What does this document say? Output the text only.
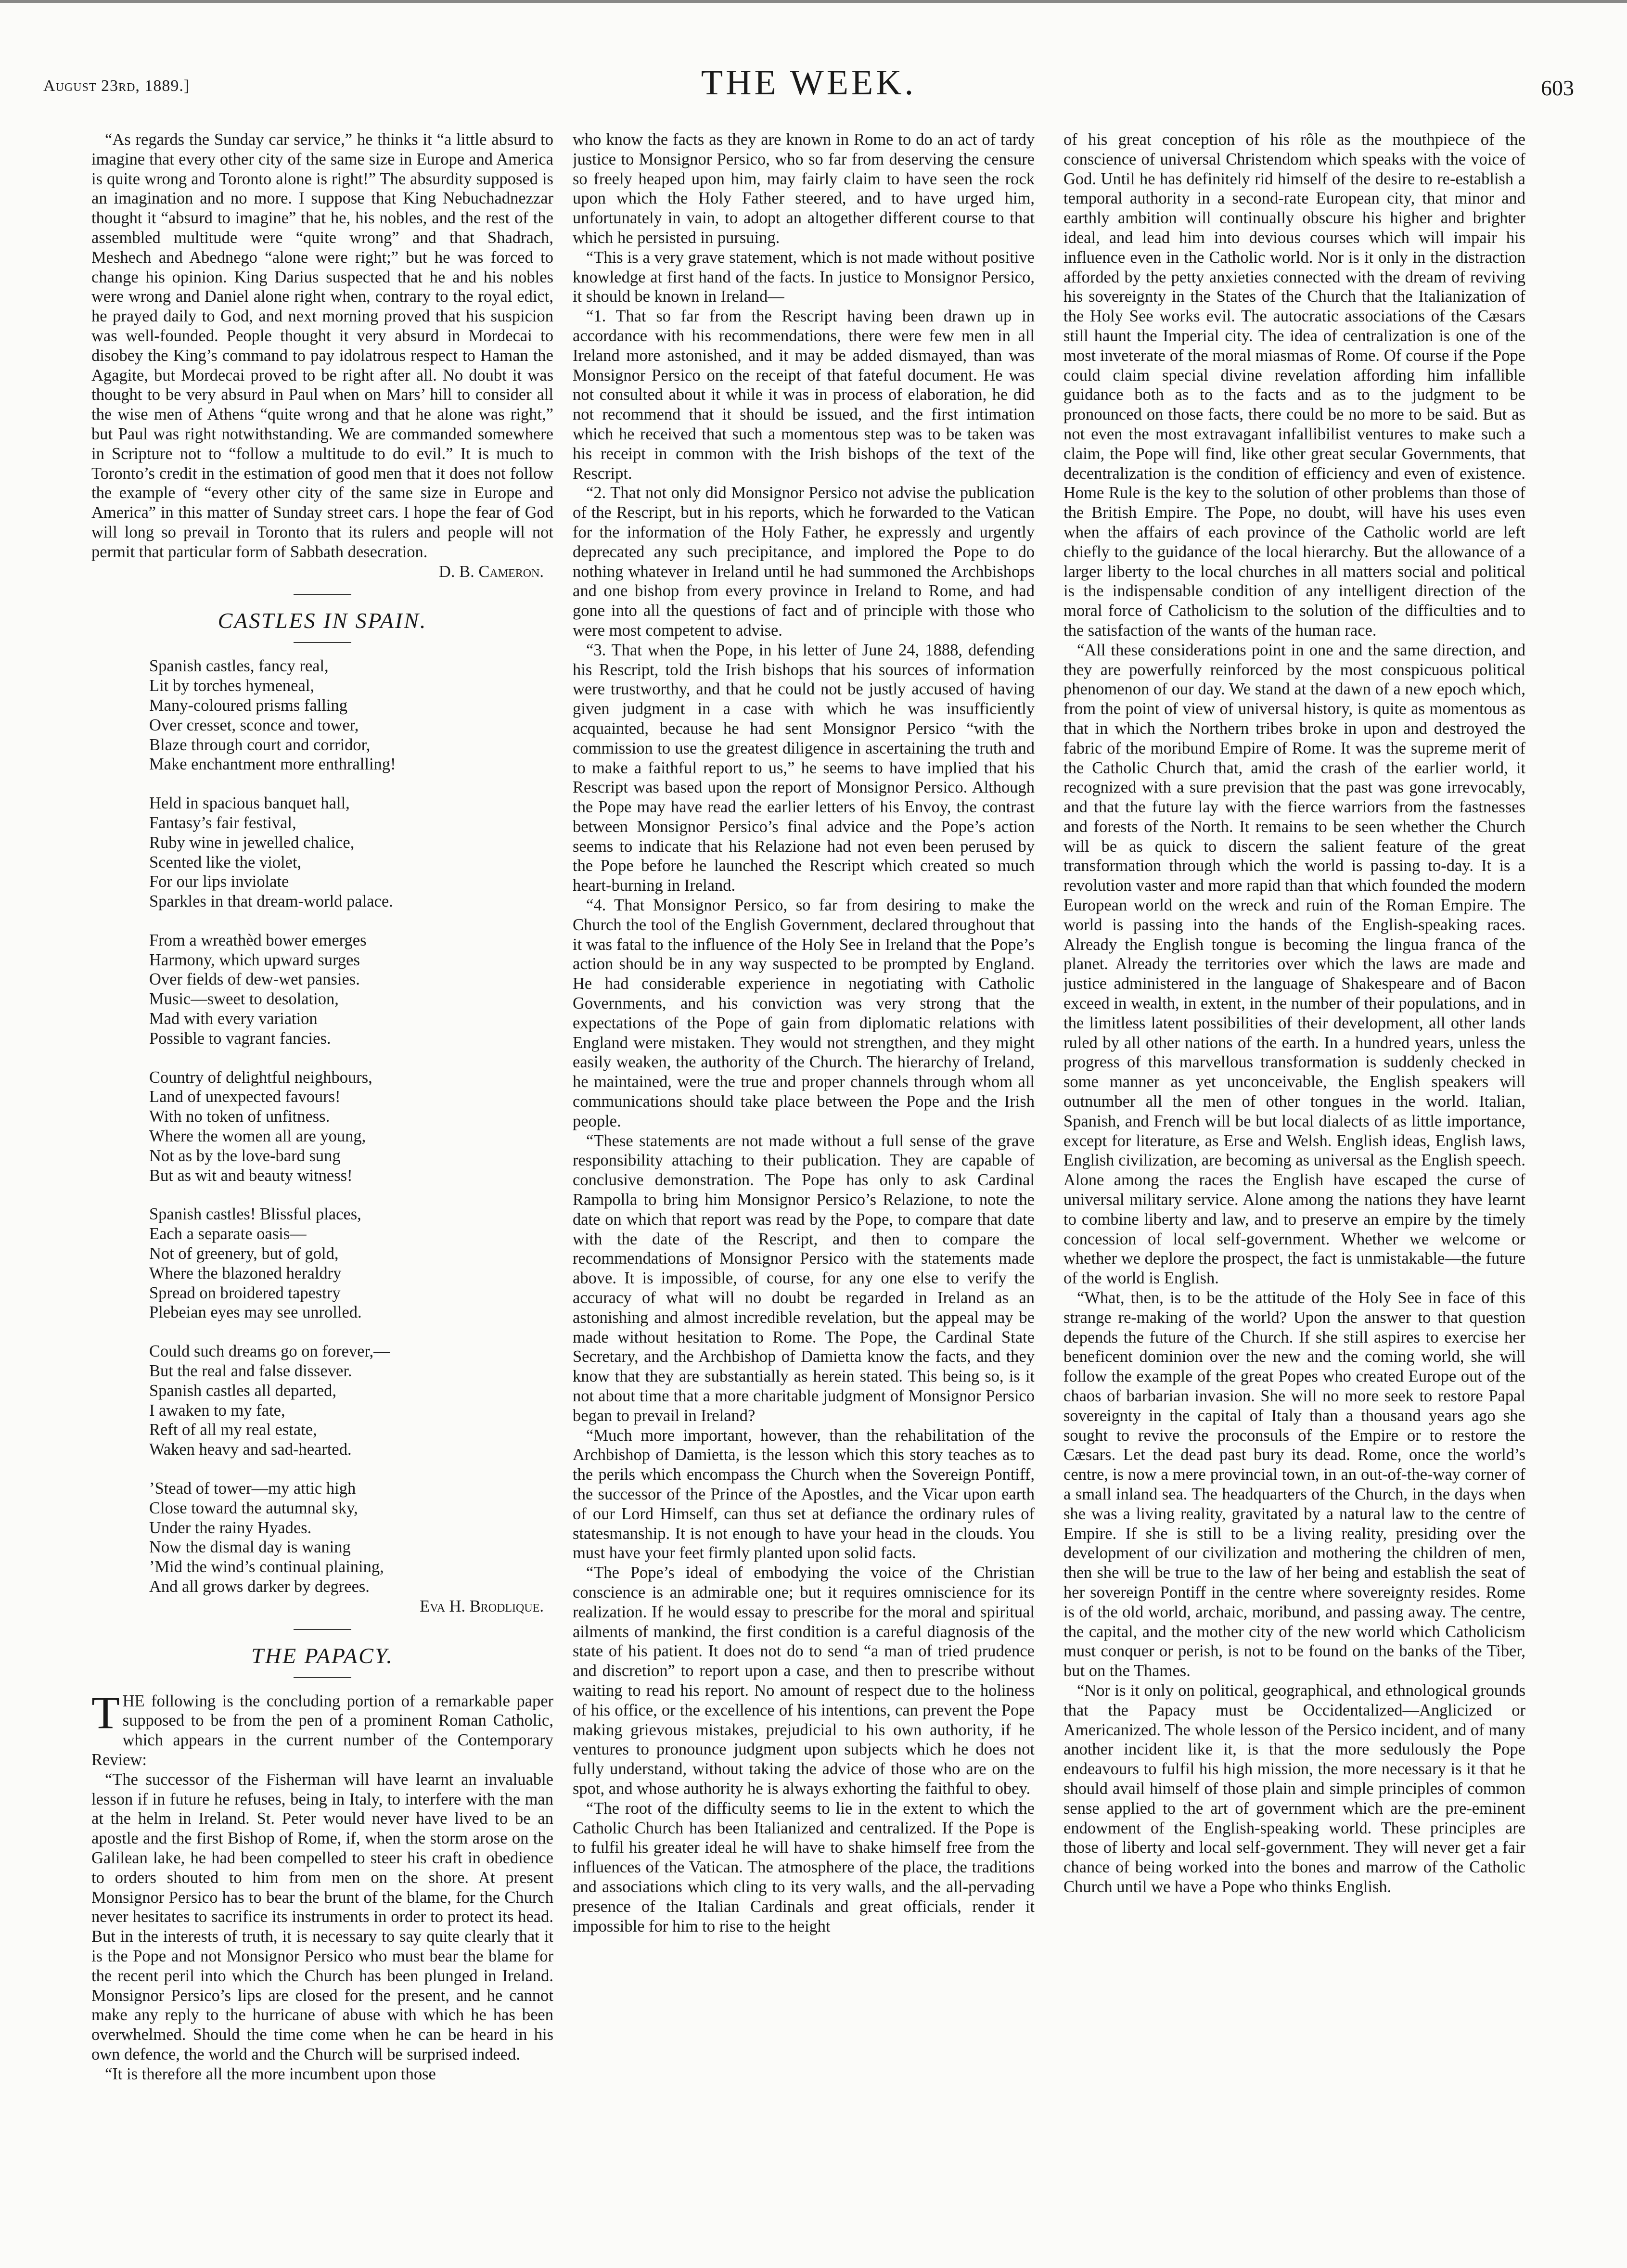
August 23rd, 1889.]	THE WEEK.	603

“As regards the Sunday car service,” he thinks it “a little absurd to imagine that every other city of the same size in Europe and America is quite wrong and Toronto alone is right!” The absurdity supposed is an imagination and no more. I suppose that King Nebuchadnezzar thought it “absurd to imagine” that he, his nobles, and the rest of the assembled multitude were “quite wrong” and that Shadrach, Meshech and Abednego “alone were right;” but he was forced to change his opinion. King Darius suspected that he and his nobles were wrong and Daniel alone right when, contrary to the royal edict, he prayed daily to God, and next morning proved that his suspicion was well-founded. People thought it very absurd in Mordecai to disobey the King’s command to pay idolatrous respect to Haman the Agagite, but Mordecai proved to be right after all. No doubt it was thought to be very absurd in Paul when on Mars’ hill to consider all the wise men of Athens “quite wrong and that he alone was right,” but Paul was right notwithstanding. We are commanded somewhere in Scripture not to “follow a multitude to do evil.” It is much to Toronto’s credit in the estimation of good men that it does not follow the example of “every other city of the same size in Europe and America” in this matter of Sunday street cars. I hope the fear of God will long so prevail in Toronto that its rulers and people will not permit that particular form of Sabbath desecration.

D. B. Cameron.

CASTLES IN SPAIN.
Spanish castles, fancy real,
Lit by torches hymeneal,
Many-coloured prisms falling
Over cresset, sconce and tower,
Blaze through court and corridor,
Make enchantment more enthralling!
Held in spacious banquet hall,
Fantasy’s fair festival,
Ruby wine in jewelled chalice,
Scented like the violet,
For our lips inviolate
Sparkles in that dream-world palace.
From a wreathèd bower emerges
Harmony, which upward surges
Over fields of dew-wet pansies.
Music—sweet to desolation,
Mad with every variation
Possible to vagrant fancies.
Country of delightful neighbours,
Land of unexpected favours!
With no token of unfitness.
Where the women all are young,
Not as by the love-bard sung
But as wit and beauty witness!
Spanish castles! Blissful places,
Each a separate oasis—
Not of greenery, but of gold,
Where the blazoned heraldry
Spread on broidered tapestry
Plebeian eyes may see unrolled.
Could such dreams go on forever,—
But the real and false dissever.
Spanish castles all departed,
I awaken to my fate,
Reft of all my real estate,
Waken heavy and sad-hearted.
’Stead of tower—my attic high
Close toward the autumnal sky,
Under the rainy Hyades.
Now the dismal day is waning
’Mid the wind’s continual plaining,
And all grows darker by degrees.
Eva H. Brodlique.
THE PAPACY.

THE following is the concluding portion of a remarkable paper supposed to be from the pen of a prominent Roman Catholic, which appears in the current number of the Contemporary Review:

“The successor of the Fisherman will have learnt an invaluable lesson if in future he refuses, being in Italy, to interfere with the man at the helm in Ireland. St. Peter would never have lived to be an apostle and the first Bishop of Rome, if, when the storm arose on the Galilean lake, he had been compelled to steer his craft in obedience to orders shouted to him from men on the shore. At present Monsignor Persico has to bear the brunt of the blame, for the Church never hesitates to sacrifice its instruments in order to protect its head. But in the interests of truth, it is necessary to say quite clearly that it is the Pope and not Monsignor Persico who must bear the blame for the recent peril into which the Church has been plunged in Ireland. Monsignor Persico’s lips are closed for the present, and he cannot make any reply to the hurricane of abuse with which he has been overwhelmed. Should the time come when he can be heard in his own defence, the world and the Church will be surprised indeed.

“It is therefore all the more incumbent upon those

who know the facts as they are known in Rome to do an act of tardy justice to Monsignor Persico, who so far from deserving the censure so freely heaped upon him, may fairly claim to have seen the rock upon which the Holy Father steered, and to have urged him, unfortunately in vain, to adopt an altogether different course to that which he persisted in pursuing.

“This is a very grave statement, which is not made without positive knowledge at first hand of the facts. In justice to Monsignor Persico, it should be known in Ireland—

“1. That so far from the Rescript having been drawn up in accordance with his recommendations, there were few men in all Ireland more astonished, and it may be added dismayed, than was Monsignor Persico on the receipt of that fateful document. He was not consulted about it while it was in process of elaboration, he did not recommend that it should be issued, and the first intimation which he received that such a momentous step was to be taken was his receipt in common with the Irish bishops of the text of the Rescript.

“2. That not only did Monsignor Persico not advise the publication of the Rescript, but in his reports, which he forwarded to the Vatican for the information of the Holy Father, he expressly and urgently deprecated any such precipitance, and implored the Pope to do nothing whatever in Ireland until he had summoned the Archbishops and one bishop from every province in Ireland to Rome, and had gone into all the questions of fact and of principle with those who were most competent to advise.

“3. That when the Pope, in his letter of June 24, 1888, defending his Rescript, told the Irish bishops that his sources of information were trustworthy, and that he could not be justly accused of having given judgment in a case with which he was insufficiently acquainted, because he had sent Monsignor Persico “with the commission to use the greatest diligence in ascertaining the truth and to make a faithful report to us,” he seems to have implied that his Rescript was based upon the report of Monsignor Persico. Although the Pope may have read the earlier letters of his Envoy, the contrast between Monsignor Persico’s final advice and the Pope’s action seems to indicate that his Relazione had not even been perused by the Pope before he launched the Rescript which created so much heart-burning in Ireland.

“4. That Monsignor Persico, so far from desiring to make the Church the tool of the English Government, declared throughout that it was fatal to the influence of the Holy See in Ireland that the Pope’s action should be in any way suspected to be prompted by England. He had considerable experience in negotiating with Catholic Governments, and his conviction was very strong that the expectations of the Pope of gain from diplomatic relations with England were mistaken. They would not strengthen, and they might easily weaken, the authority of the Church. The hierarchy of Ireland, he maintained, were the true and proper channels through whom all communications should take place between the Pope and the Irish people.

“These statements are not made without a full sense of the grave responsibility attaching to their publication. They are capable of conclusive demonstration. The Pope has only to ask Cardinal Rampolla to bring him Monsignor Persico’s Relazione, to note the date on which that report was read by the Pope, to compare that date with the date of the Rescript, and then to compare the recommendations of Monsignor Persico with the statements made above. It is impossible, of course, for any one else to verify the accuracy of what will no doubt be regarded in Ireland as an astonishing and almost incredible revelation, but the appeal may be made without hesitation to Rome. The Pope, the Cardinal State Secretary, and the Archbishop of Damietta know the facts, and they know that they are substantially as herein stated. This being so, is it not about time that a more charitable judgment of Monsignor Persico began to prevail in Ireland?

“Much more important, however, than the rehabilitation of the Archbishop of Damietta, is the lesson which this story teaches as to the perils which encompass the Church when the Sovereign Pontiff, the successor of the Prince of the Apostles, and the Vicar upon earth of our Lord Himself, can thus set at defiance the ordinary rules of statesmanship. It is not enough to have your head in the clouds. You must have your feet firmly planted upon solid facts.

“The Pope’s ideal of embodying the voice of the Christian conscience is an admirable one; but it requires omniscience for its realization. If he would essay to prescribe for the moral and spiritual ailments of mankind, the first condition is a careful diagnosis of the state of his patient. It does not do to send “a man of tried prudence and discretion” to report upon a case, and then to prescribe without waiting to read his report. No amount of respect due to the holiness of his office, or the excellence of his intentions, can prevent the Pope making grievous mistakes, prejudicial to his own authority, if he ventures to pronounce judgment upon subjects which he does not fully understand, without taking the advice of those who are on the spot, and whose authority he is always exhorting the faithful to obey.

“The root of the difficulty seems to lie in the extent to which the Catholic Church has been Italianized and centralized. If the Pope is to fulfil his greater ideal he will have to shake himself free from the influences of the Vatican. The atmosphere of the place, the traditions and associations which cling to its very walls, and the all-pervading presence of the Italian Cardinals and great officials, render it impossible for him to rise to the height

of his great conception of his rôle as the mouthpiece of the conscience of universal Christendom which speaks with the voice of God. Until he has definitely rid himself of the desire to re-establish a temporal authority in a second-rate European city, that minor and earthly ambition will continually obscure his higher and brighter ideal, and lead him into devious courses which will impair his influence even in the Catholic world. Nor is it only in the distraction afforded by the petty anxieties connected with the dream of reviving his sovereignty in the States of the Church that the Italianization of the Holy See works evil. The autocratic associations of the Cæsars still haunt the Imperial city. The idea of centralization is one of the most inveterate of the moral miasmas of Rome. Of course if the Pope could claim special divine revelation affording him infallible guidance both as to the facts and as to the judgment to be pronounced on those facts, there could be no more to be said. But as not even the most extravagant infallibilist ventures to make such a claim, the Pope will find, like other great secular Governments, that decentralization is the condition of efficiency and even of existence. Home Rule is the key to the solution of other problems than those of the British Empire. The Pope, no doubt, will have his uses even when the affairs of each province of the Catholic world are left chiefly to the guidance of the local hierarchy. But the allowance of a larger liberty to the local churches in all matters social and political is the indispensable condition of any intelligent direction of the moral force of Catholicism to the solution of the difficulties and to the satisfaction of the wants of the human race.

“All these considerations point in one and the same direction, and they are powerfully reinforced by the most conspicuous political phenomenon of our day. We stand at the dawn of a new epoch which, from the point of view of universal history, is quite as momentous as that in which the Northern tribes broke in upon and destroyed the fabric of the moribund Empire of Rome. It was the supreme merit of the Catholic Church that, amid the crash of the earlier world, it recognized with a sure prevision that the past was gone irrevocably, and that the future lay with the fierce warriors from the fastnesses and forests of the North. It remains to be seen whether the Church will be as quick to discern the salient feature of the great transformation through which the world is passing to-day. It is a revolution vaster and more rapid than that which founded the modern European world on the wreck and ruin of the Roman Empire. The world is passing into the hands of the English-speaking races. Already the English tongue is becoming the lingua franca of the planet. Already the territories over which the laws are made and justice administered in the language of Shakespeare and of Bacon exceed in wealth, in extent, in the number of their populations, and in the limitless latent possibilities of their development, all other lands ruled by all other nations of the earth. In a hundred years, unless the progress of this marvellous transformation is suddenly checked in some manner as yet unconceivable, the English speakers will outnumber all the men of other tongues in the world. Italian, Spanish, and French will be but local dialects of as little importance, except for literature, as Erse and Welsh. English ideas, English laws, English civilization, are becoming as universal as the English speech. Alone among the races the English have escaped the curse of universal military service. Alone among the nations they have learnt to combine liberty and law, and to preserve an empire by the timely concession of local self-government. Whether we welcome or whether we deplore the prospect, the fact is unmistakable—the future of the world is English.

“What, then, is to be the attitude of the Holy See in face of this strange re-making of the world? Upon the answer to that question depends the future of the Church. If she still aspires to exercise her beneficent dominion over the new and the coming world, she will follow the example of the great Popes who created Europe out of the chaos of barbarian invasion. She will no more seek to restore Papal sovereignty in the capital of Italy than a thousand years ago she sought to revive the proconsuls of the Empire or to restore the Cæsars. Let the dead past bury its dead. Rome, once the world’s centre, is now a mere provincial town, in an out-of-the-way corner of a small inland sea. The headquarters of the Church, in the days when she was a living reality, gravitated by a natural law to the centre of Empire. If she is still to be a living reality, presiding over the development of our civilization and mothering the children of men, then she will be true to the law of her being and establish the seat of her sovereign Pontiff in the centre where sovereignty resides. Rome is of the old world, archaic, moribund, and passing away. The centre, the capital, and the mother city of the new world which Catholicism must conquer or perish, is not to be found on the banks of the Tiber, but on the Thames.

“Nor is it only on political, geographical, and ethnological grounds that the Papacy must be Occidentalized—Anglicized or Americanized. The whole lesson of the Persico incident, and of many another incident like it, is that the more sedulously the Pope endeavours to fulfil his high mission, the more necessary is it that he should avail himself of those plain and simple principles of common sense applied to the art of government which are the pre-eminent endowment of the English-speaking world. These principles are those of liberty and local self-government. They will never get a fair chance of being worked into the bones and marrow of the Catholic Church until we have a Pope who thinks English.
